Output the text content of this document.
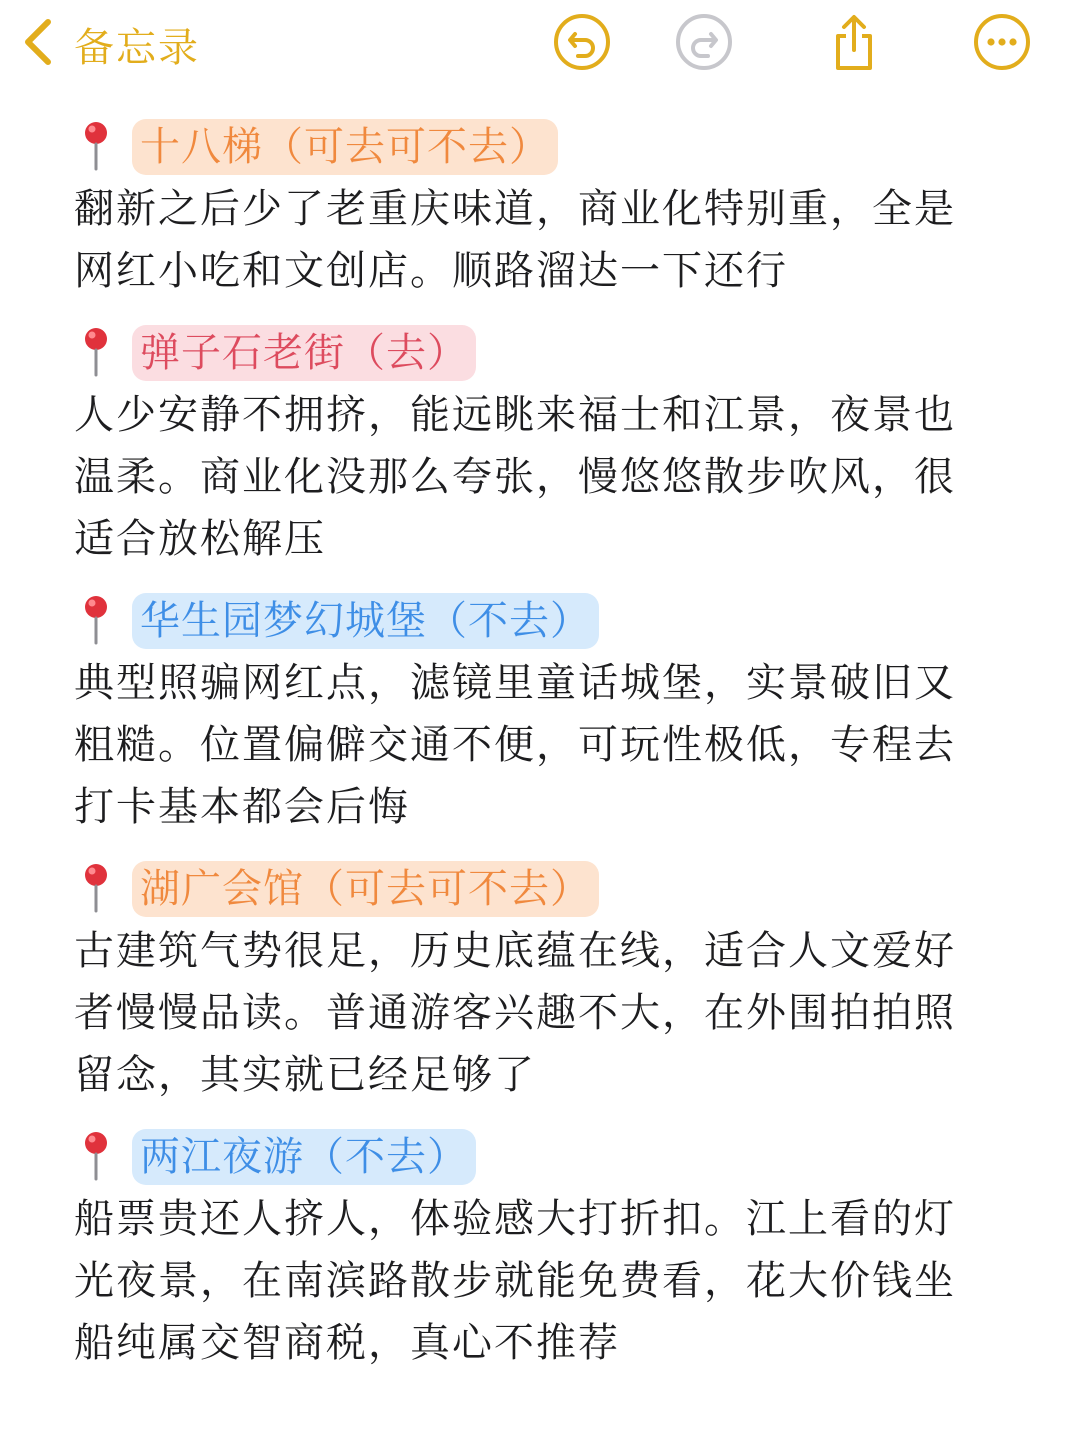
备忘录
十八梯（可去可不去）

翻新之后少了老重庆味道，商业化特别重，全是网红小吃和文创店。顺路溜达一下还行

弹子石老街（去）

人少安静不拥挤，能远眺来福士和江景，夜景也温柔。商业化没那么夸张，慢悠悠散步吹风，很适合放松解压

华生园梦幻城堡（不去）

典型照骗网红点，滤镜里童话城堡，实景破旧又粗糙。位置偏僻交通不便，可玩性极低，专程去打卡基本都会后悔

湖广会馆（可去可不去）

古建筑气势很足，历史底蕴在线，适合人文爱好者慢慢品读。普通游客兴趣不大，在外围拍拍照留念，其实就已经足够了

两江夜游（不去）

船票贵还人挤人，体验感大打折扣。江上看的灯光夜景，在南滨路散步就能免费看，花大价钱坐船纯属交智商税，真心不推荐
